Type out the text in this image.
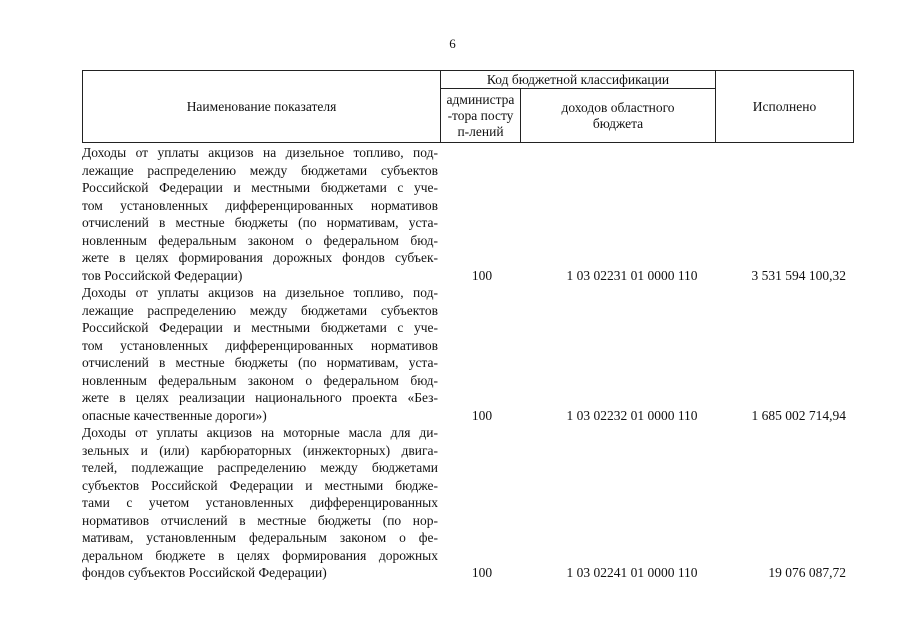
6
Наименование показателя
Код бюджетной классификации
администра-тора поступ-лений
доходов областного бюджета
Исполнено
Доходы от уплаты акцизов на дизельное топливо, под-
лежащие распределению между бюджетами субъектов
Российской Федерации и местными бюджетами с уче-
том установленных дифференцированных нормативов
отчислений в местные бюджеты (по нормативам, уста-
новленным федеральным законом о федеральном бюд-
жете в целях формирования дорожных фондов субъек-
тов Российской Федерации)	100	1 03 02231 01 0000 110	3 531 594 100,32
Доходы от уплаты акцизов на дизельное топливо, под-
лежащие распределению между бюджетами субъектов
Российской Федерации и местными бюджетами с уче-
том установленных дифференцированных нормативов
отчислений в местные бюджеты (по нормативам, уста-
новленным федеральным законом о федеральном бюд-
жете в целях реализации национального проекта «Без-
опасные качественные дороги»)	100	1 03 02232 01 0000 110	1 685 002 714,94
Доходы от уплаты акцизов на моторные масла для ди-
зельных и (или) карбюраторных (инжекторных) двига-
телей, подлежащие распределению между бюджетами
субъектов Российской Федерации и местными бюдже-
тами с учетом установленных дифференцированных
нормативов отчислений в местные бюджеты (по нор-
мативам, установленным федеральным законом о фе-
деральном бюджете в целях формирования дорожных
фондов субъектов Российской Федерации)	100	1 03 02241 01 0000 110	19 076 087,72
